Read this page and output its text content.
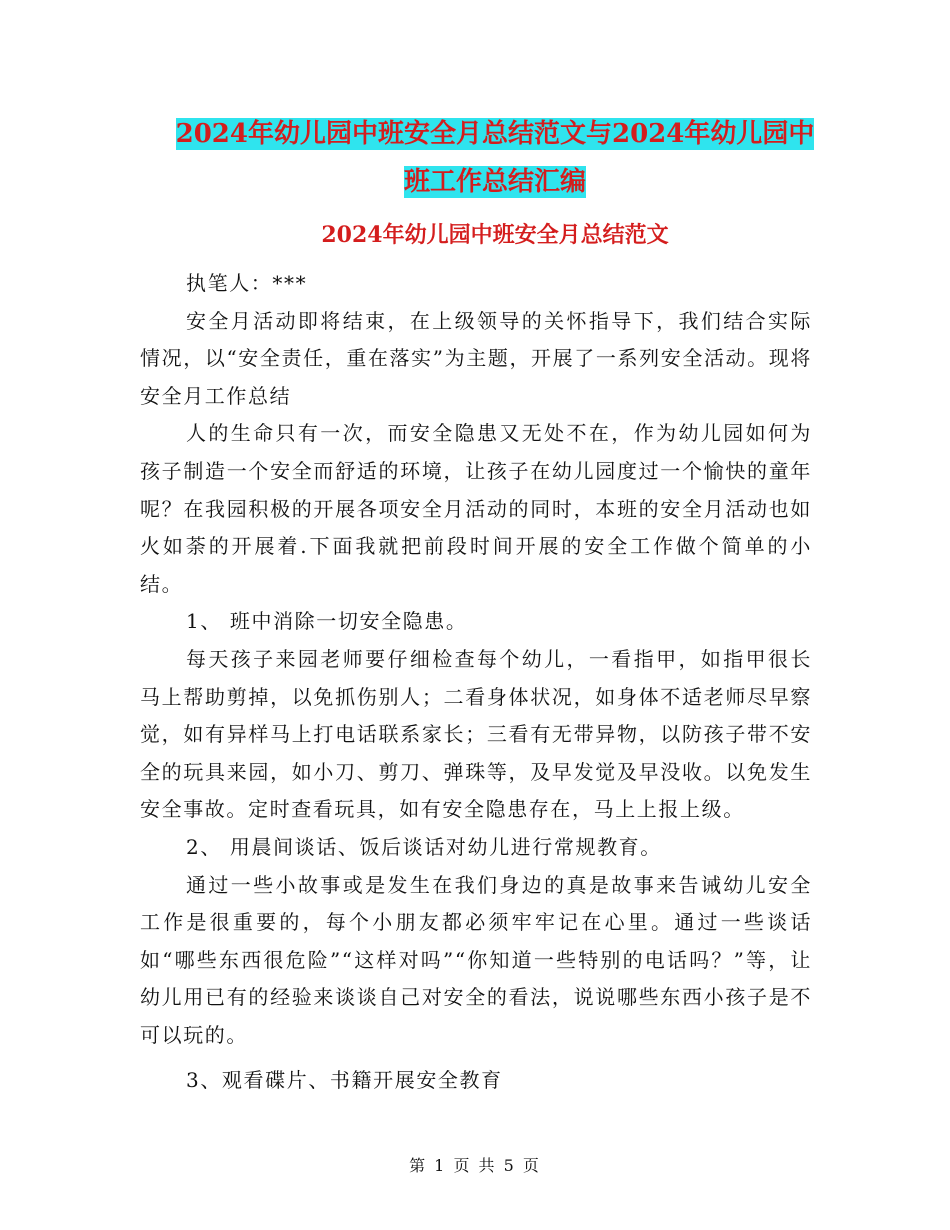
2024年幼儿园中班安全月总结范文与2024年幼儿园中
班工作总结汇编
2024年幼儿园中班安全月总结范文

执笔人：***

安全月活动即将结束，在上级领导的关怀指导下，我们结合实际情况，以“安全责任，重在落实”为主题，开展了一系列安全活动。现将安全月工作总结

人的生命只有一次，而安全隐患又无处不在，作为幼儿园如何为孩子制造一个安全而舒适的环境，让孩子在幼儿园度过一个愉快的童年呢？在我园积极的开展各项安全月活动的同时，本班的安全月活动也如火如荼的开展着.下面我就把前段时间开展的安全工作做个简单的小结。

1、 班中消除一切安全隐患。

每天孩子来园老师要仔细检查每个幼儿，一看指甲，如指甲很长马上帮助剪掉，以免抓伤别人；二看身体状况，如身体不适老师尽早察觉，如有异样马上打电话联系家长；三看有无带异物，以防孩子带不安全的玩具来园，如小刀、剪刀、弹珠等，及早发觉及早没收。以免发生安全事故。定时查看玩具，如有安全隐患存在，马上上报上级。

2、 用晨间谈话、饭后谈话对幼儿进行常规教育。

通过一些小故事或是发生在我们身边的真是故事来告诫幼儿安全工作是很重要的，每个小朋友都必须牢牢记在心里。通过一些谈话如“哪些东西很危险”“这样对吗”“你知道一些特别的电话吗？”等，让幼儿用已有的经验来谈谈自己对安全的看法，说说哪些东西小孩子是不可以玩的。

3、观看碟片、书籍开展安全教育

第 1 页 共 5 页
